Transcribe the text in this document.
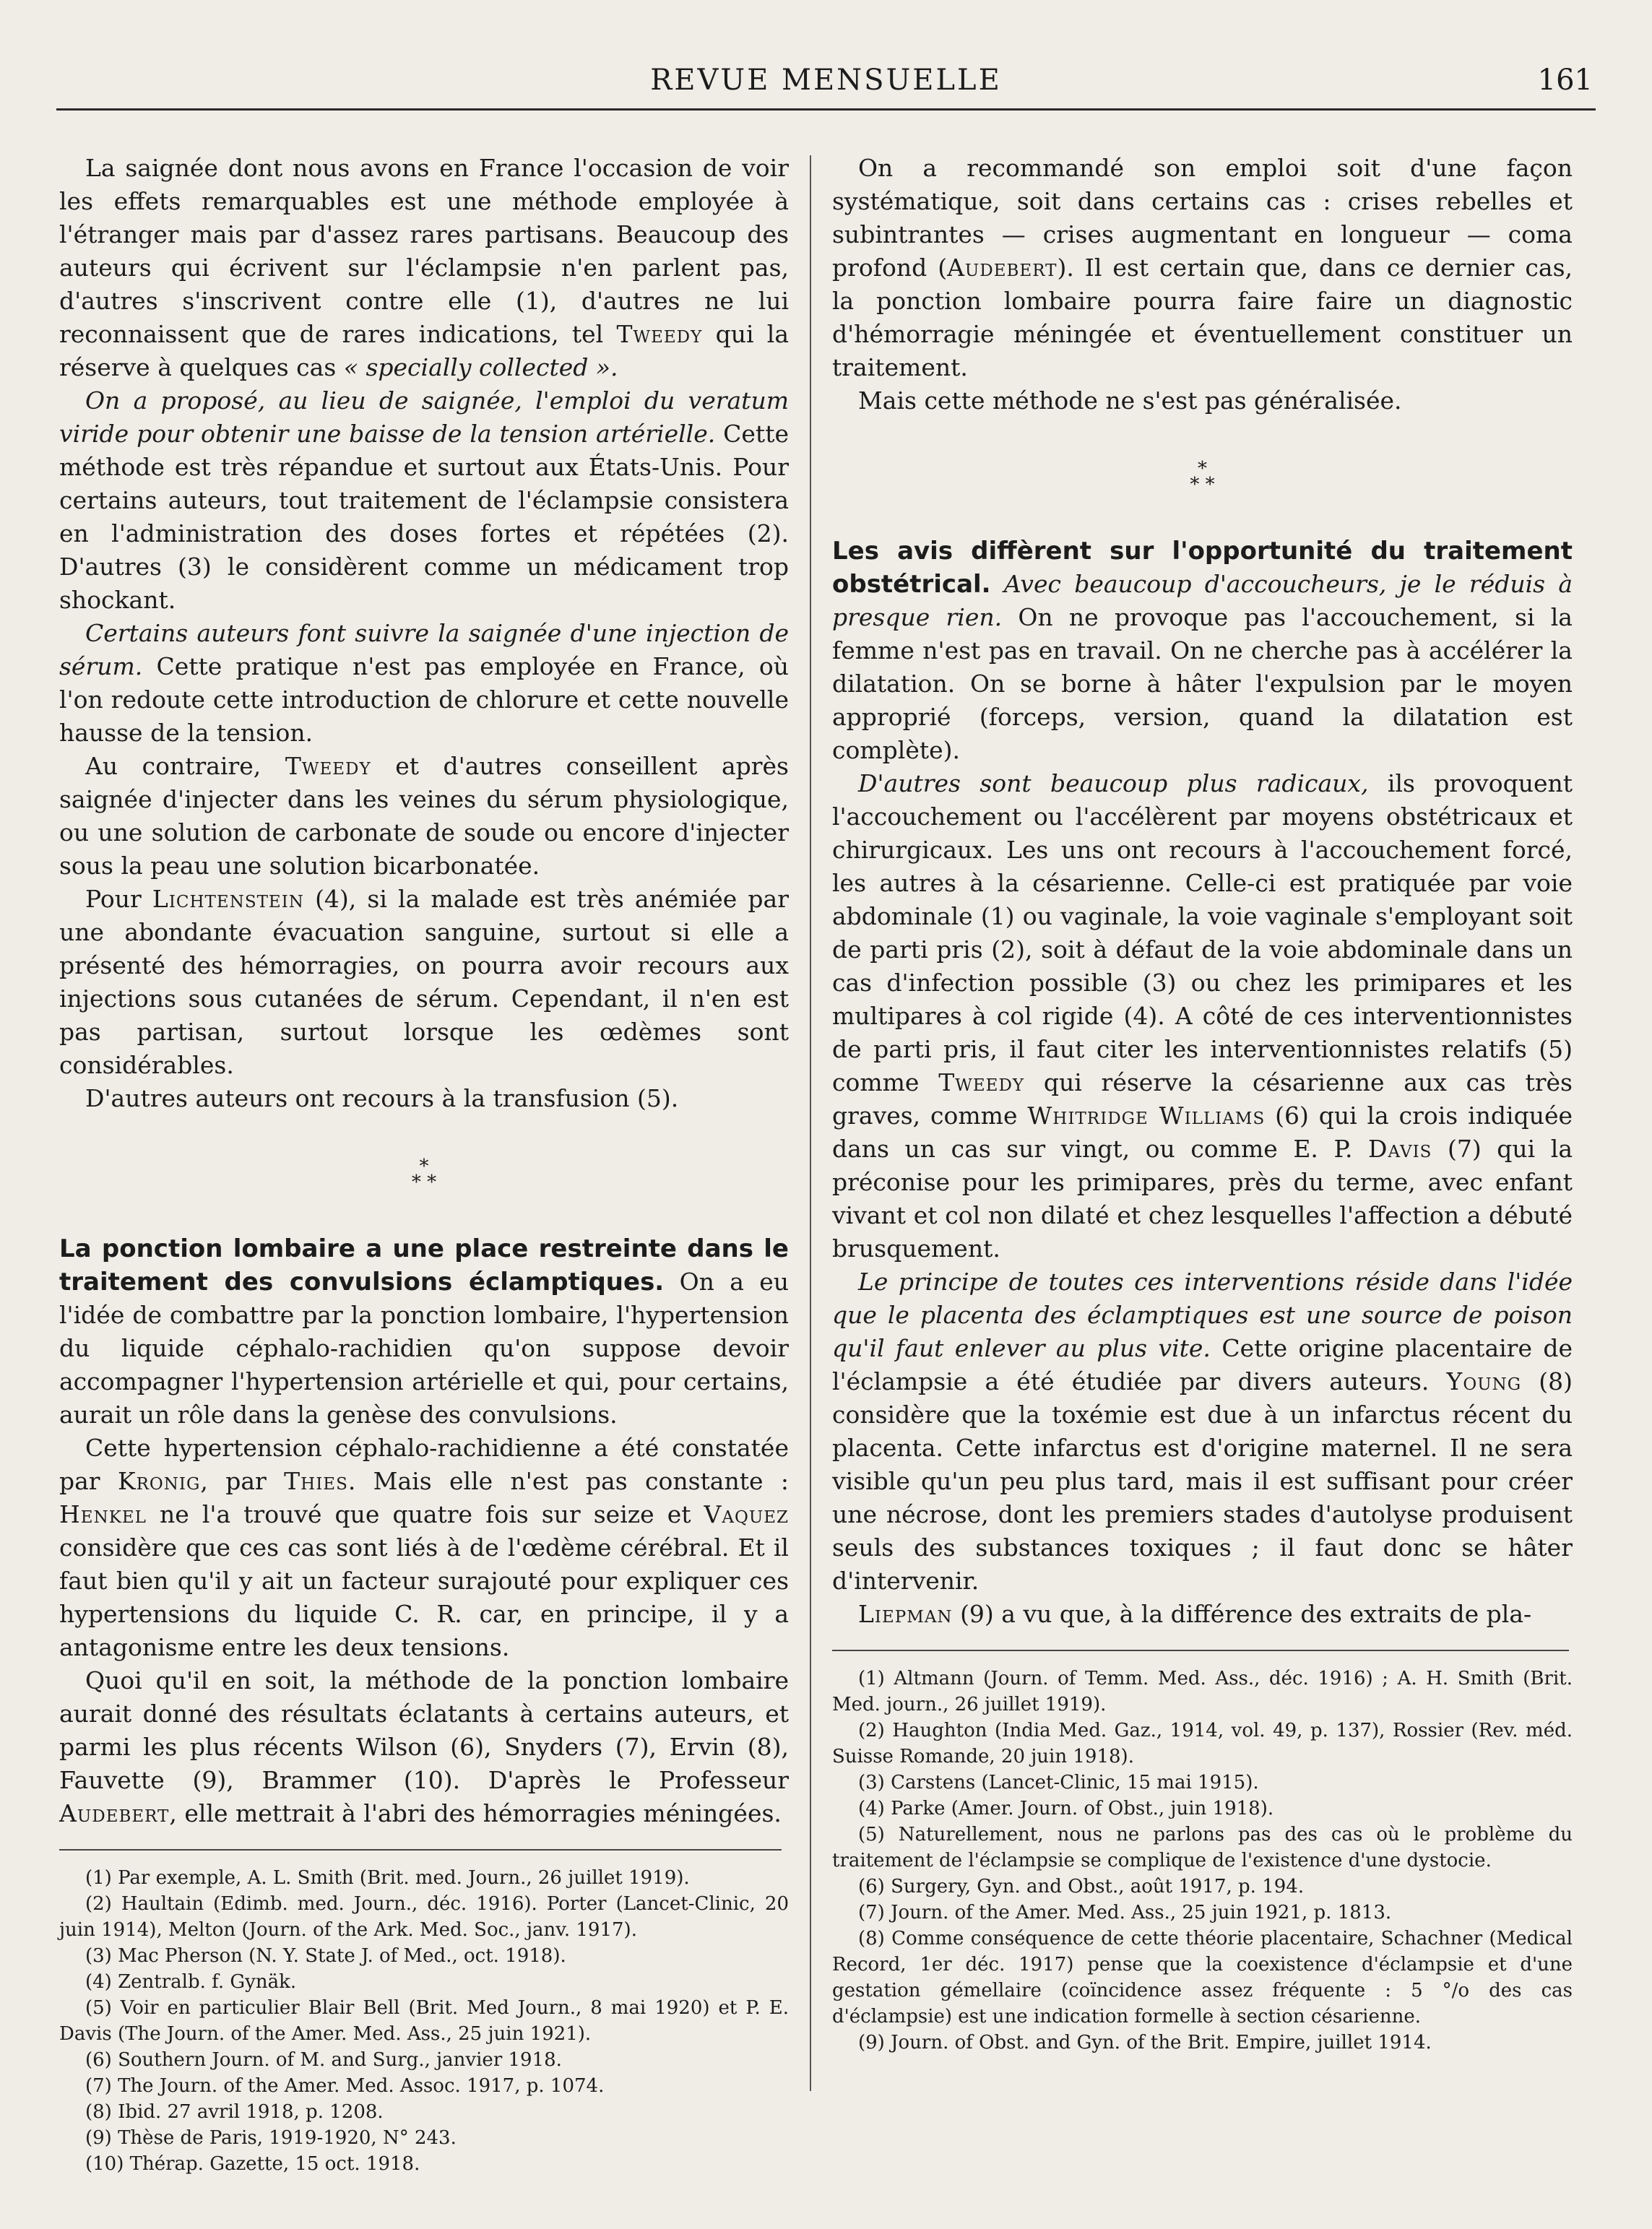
REVUE MENSUELLE	161

La saignée dont nous avons en France l'occasion de voir les effets remarquables est une méthode employée à l'étranger mais par d'assez rares partisans. Beaucoup des auteurs qui écrivent sur l'éclampsie n'en parlent pas, d'autres s'inscrivent contre elle (1), d'autres ne lui reconnaissent que de rares indications, tel Tweedy qui la réserve à quelques cas « specially collected ».

On a proposé, au lieu de saignée, l'emploi du veratum viride pour obtenir une baisse de la tension artérielle. Cette méthode est très répandue et surtout aux États-Unis. Pour certains auteurs, tout traitement de l'éclampsie consistera en l'administration des doses fortes et répétées (2). D'autres (3) le considèrent comme un médicament trop shockant.

Certains auteurs font suivre la saignée d'une injection de sérum. Cette pratique n'est pas employée en France, où l'on redoute cette introduction de chlorure et cette nouvelle hausse de la tension.

Au contraire, Tweedy et d'autres conseillent après saignée d'injecter dans les veines du sérum physiologique, ou une solution de carbonate de soude ou encore d'injecter sous la peau une solution bicarbonatée.

Pour Lichtenstein (4), si la malade est très anémiée par une abondante évacuation sanguine, surtout si elle a présenté des hémorragies, on pourra avoir recours aux injections sous cutanées de sérum. Cependant, il n'en est pas partisan, surtout lorsque les œdèmes sont considérables.

D'autres auteurs ont recours à la transfusion (5).

*
* *

La ponction lombaire a une place restreinte dans le traitement des convulsions éclamptiques. On a eu l'idée de combattre par la ponction lombaire, l'hypertension du liquide céphalo-rachidien qu'on suppose devoir accompagner l'hypertension artérielle et qui, pour certains, aurait un rôle dans la genèse des convulsions.

Cette hypertension céphalo-rachidienne a été constatée par Kronig, par Thies. Mais elle n'est pas constante : Henkel ne l'a trouvé que quatre fois sur seize et Vaquez considère que ces cas sont liés à de l'œdème cérébral. Et il faut bien qu'il y ait un facteur surajouté pour expliquer ces hypertensions du liquide C. R. car, en principe, il y a antagonisme entre les deux tensions.

Quoi qu'il en soit, la méthode de la ponction lombaire aurait donné des résultats éclatants à certains auteurs, et parmi les plus récents Wilson (6), Snyders (7), Ervin (8), Fauvette (9), Brammer (10). D'après le Professeur Audebert, elle mettrait à l'abri des hémorragies méningées.

(1) Par exemple, A. L. Smith (Brit. med. Journ., 26 juillet 1919).

(2) Haultain (Edimb. med. Journ., déc. 1916). Porter (Lancet-Clinic, 20 juin 1914), Melton (Journ. of the Ark. Med. Soc., janv. 1917).

(3) Mac Pherson (N. Y. State J. of Med., oct. 1918).

(4) Zentralb. f. Gynäk.

(5) Voir en particulier Blair Bell (Brit. Med Journ., 8 mai 1920) et P. E. Davis (The Journ. of the Amer. Med. Ass., 25 juin 1921).

(6) Southern Journ. of M. and Surg., janvier 1918.

(7) The Journ. of the Amer. Med. Assoc. 1917, p. 1074.

(8) Ibid. 27 avril 1918, p. 1208.

(9) Thèse de Paris, 1919-1920, N° 243.

(10) Thérap. Gazette, 15 oct. 1918.

On a recommandé son emploi soit d'une façon systématique, soit dans certains cas : crises rebelles et subintrantes — crises augmentant en longueur — coma profond (Audebert). Il est certain que, dans ce dernier cas, la ponction lombaire pourra faire faire un diagnostic d'hémorragie méningée et éventuellement constituer un traitement.

Mais cette méthode ne s'est pas généralisée.

*
* *

Les avis diffèrent sur l'opportunité du traitement obstétrical. Avec beaucoup d'accoucheurs, je le réduis à presque rien. On ne provoque pas l'accouchement, si la femme n'est pas en travail. On ne cherche pas à accélérer la dilatation. On se borne à hâter l'expulsion par le moyen approprié (forceps, version, quand la dilatation est complète).

D'autres sont beaucoup plus radicaux, ils provoquent l'accouchement ou l'accélèrent par moyens obstétricaux et chirurgicaux. Les uns ont recours à l'accouchement forcé, les autres à la césarienne. Celle-ci est pratiquée par voie abdominale (1) ou vaginale, la voie vaginale s'employant soit de parti pris (2), soit à défaut de la voie abdominale dans un cas d'infection possible (3) ou chez les primipares et les multipares à col rigide (4). A côté de ces interventionnistes de parti pris, il faut citer les interventionnistes relatifs (5) comme Tweedy qui réserve la césarienne aux cas très graves, comme Whitridge Williams (6) qui la crois indiquée dans un cas sur vingt, ou comme E. P. Davis (7) qui la préconise pour les primipares, près du terme, avec enfant vivant et col non dilaté et chez lesquelles l'affection a débuté brusquement.

Le principe de toutes ces interventions réside dans l'idée que le placenta des éclamptiques est une source de poison qu'il faut enlever au plus vite. Cette origine placentaire de l'éclampsie a été étudiée par divers auteurs. Young (8) considère que la toxémie est due à un infarctus récent du placenta. Cette infarctus est d'origine maternel. Il ne sera visible qu'un peu plus tard, mais il est suffisant pour créer une nécrose, dont les premiers stades d'autolyse produisent seuls des substances toxiques ; il faut donc se hâter d'intervenir.

Liepman (9) a vu que, à la différence des extraits de pla-

(1) Altmann (Journ. of Temm. Med. Ass., déc. 1916) ; A. H. Smith (Brit. Med. journ., 26 juillet 1919).

(2) Haughton (India Med. Gaz., 1914, vol. 49, p. 137), Rossier (Rev. méd. Suisse Romande, 20 juin 1918).

(3) Carstens (Lancet-Clinic, 15 mai 1915).

(4) Parke (Amer. Journ. of Obst., juin 1918).

(5) Naturellement, nous ne parlons pas des cas où le problème du traitement de l'éclampsie se complique de l'existence d'une dystocie.

(6) Surgery, Gyn. and Obst., août 1917, p. 194.

(7) Journ. of the Amer. Med. Ass., 25 juin 1921, p. 1813.

(8) Comme conséquence de cette théorie placentaire, Schachner (Medical Record, 1er déc. 1917) pense que la coexistence d'éclampsie et d'une gestation gémellaire (coïncidence assez fréquente : 5 °/o des cas d'éclampsie) est une indication formelle à section césarienne.

(9) Journ. of Obst. and Gyn. of the Brit. Empire, juillet 1914.
